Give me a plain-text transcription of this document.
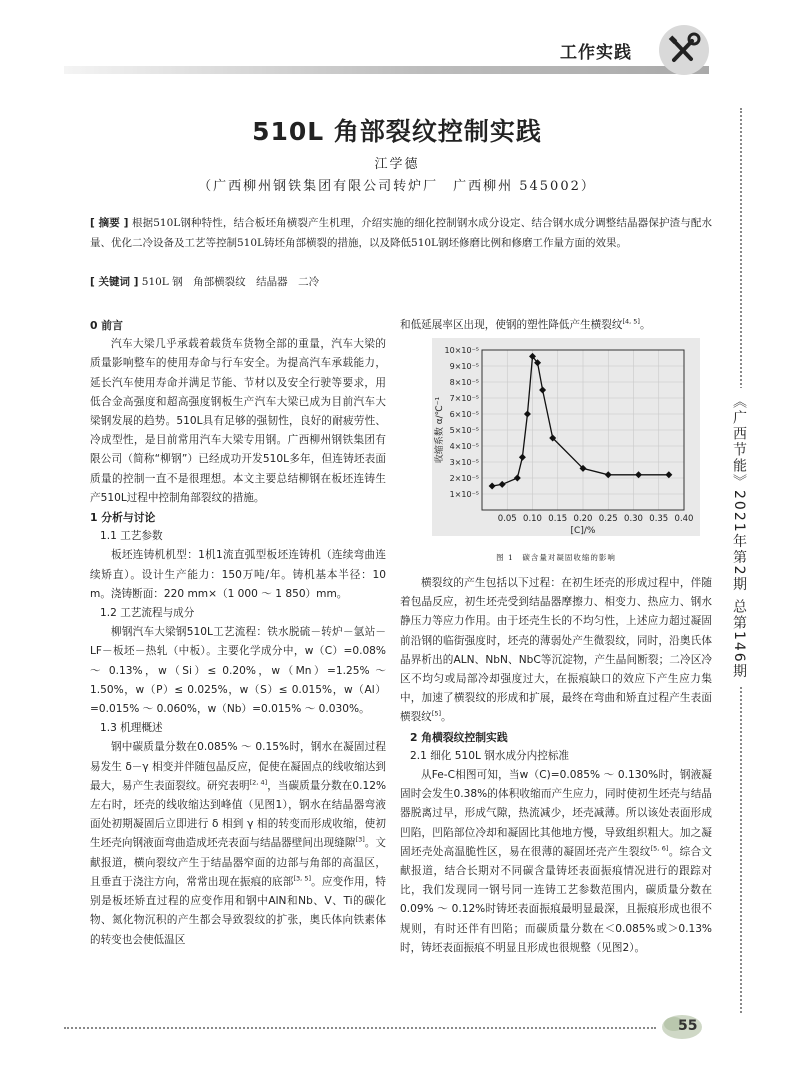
工作实践
《广西节能》2021年第2期 总第146期
510L 角部裂纹控制实践
江学德
（广西柳州钢铁集团有限公司转炉厂　广西柳州 545002）
[ 摘要 ] 根据510L钢种特性，结合板坯角横裂产生机理，介绍实施的细化控制钢水成分设定、结合钢水成分调整结晶器保护渣与配水量、优化二冷设备及工艺等控制510L铸坯角部横裂的措施，以及降低510L钢坯修磨比例和修磨工作量方面的效果。
[ 关键词 ] 510L 钢　角部横裂纹　结晶器　二冷
0 前言

汽车大梁几乎承载着载货车货物全部的重量，汽车大梁的质量影响整车的使用寿命与行车安全。为提高汽车承载能力，延长汽车使用寿命并满足节能、节材以及安全行驶等要求，用低合金高强度和超高强度钢板生产汽车大梁已成为目前汽车大梁钢发展的趋势。510L具有足够的强韧性，良好的耐疲劳性、冷成型性，是目前常用汽车大梁专用钢。广西柳州钢铁集团有限公司（简称“柳钢”）已经成功开发510L多年，但连铸坯表面质量的控制一直不是很理想。本文主要总结柳钢在板坯连铸生产510L过程中控制角部裂纹的措施。

1 分析与讨论
1.1 工艺参数

板坯连铸机机型：1机1流直弧型板坯连铸机（连续弯曲连续矫直）。设计生产能力：150万吨/年。铸机基本半径：10 m。浇铸断面：220 mm×（1 000 ～ 1 850）mm。

1.2 工艺流程与成分

柳钢汽车大梁钢510L工艺流程：铁水脱硫－转炉－氩站－LF－板坯－热轧（中板）。主要化学成分中，w（C）=0.08% ～ 0.13%，w（Si）≤ 0.20%，w（Mn）=1.25% ～ 1.50%，w（P）≤ 0.025%，w（S）≤ 0.015%，w（Al）=0.015% ～ 0.060%，w（Nb）=0.015% ～ 0.030%。

1.3 机理概述

钢中碳质量分数在0.085% ～ 0.15%时，钢水在凝固过程易发生 δ－γ 相变并伴随包晶反应，促使在凝固点的线收缩达到最大，易产生表面裂纹。研究表明[2, 4]，当碳质量分数在0.12%左右时，坯壳的线收缩达到峰值（见图1），钢水在结晶器弯液面处初期凝固后立即进行 δ 相到 γ 相的转变而形成收缩，使初生坯壳向钢液面弯曲造成坯壳表面与结晶器壁间出现缝隙[3]。文献报道，横向裂纹产生于结晶器窄面的边部与角部的高温区，且垂直于浇注方向，常常出现在振痕的底部[3, 5]。应变作用，特别是板坯矫直过程的应变作用和钢中AlN和Nb、V、Ti的碳化物、氮化物沉积的产生都会导致裂纹的扩张，奥氏体向铁素体的转变也会使低温区

和低延展率区出现，使钢的塑性降低产生横裂纹[4, 5]。

1×10⁻⁵
2×10⁻⁵
3×10⁻⁵
4×10⁻⁵
5×10⁻⁵
6×10⁻⁵
7×10⁻⁵
8×10⁻⁵
9×10⁻⁵
10×10⁻⁵
0.05 0.10 0.15 0.20 0.25 0.30 0.35 0.40
[C]/%
收缩系数 α/℃⁻¹
图 1　碳含量对凝固收缩的影响

横裂纹的产生包括以下过程：在初生坯壳的形成过程中，伴随着包晶反应，初生坯壳受到结晶器摩擦力、相变力、热应力、钢水静压力等应力作用。由于坯壳生长的不均匀性，上述应力超过凝固前沿钢的临街强度时，坯壳的薄弱处产生微裂纹，同时，沿奥氏体晶界析出的ALN、NbN、NbC等沉淀物，产生晶间断裂；二冷区冷区不均匀或局部冷却强度过大，在振痕缺口的效应下产生应力集中，加速了横裂纹的形成和扩展，最终在弯曲和矫直过程产生表面横裂纹[5]。

2 角横裂纹控制实践
2.1 细化 510L 钢水成分内控标准

从Fe-C相图可知，当w（C)=0.085% ～ 0.130%时，钢液凝固时会发生0.38%的体积收缩而产生应力，同时使初生坯壳与结晶器脱离过早，形成气隙，热流减少，坯壳减薄。所以该处表面形成凹陷，凹陷部位冷却和凝固比其他地方慢，导致组织粗大。加之凝固坯壳处高温脆性区，易在很薄的凝固坯壳产生裂纹[5, 6]。综合文献报道，结合长期对不同碳含量铸坯表面振痕情况进行的跟踪对比，我们发现同一钢号同一连铸工艺参数范围内，碳质量分数在0.09% ～ 0.12%时铸坯表面振痕最明显最深，且振痕形成也很不规则，有时还伴有凹陷；而碳质量分数在＜0.085%或＞0.13%时，铸坯表面振痕不明显且形成也很规整（见图2）。

55
